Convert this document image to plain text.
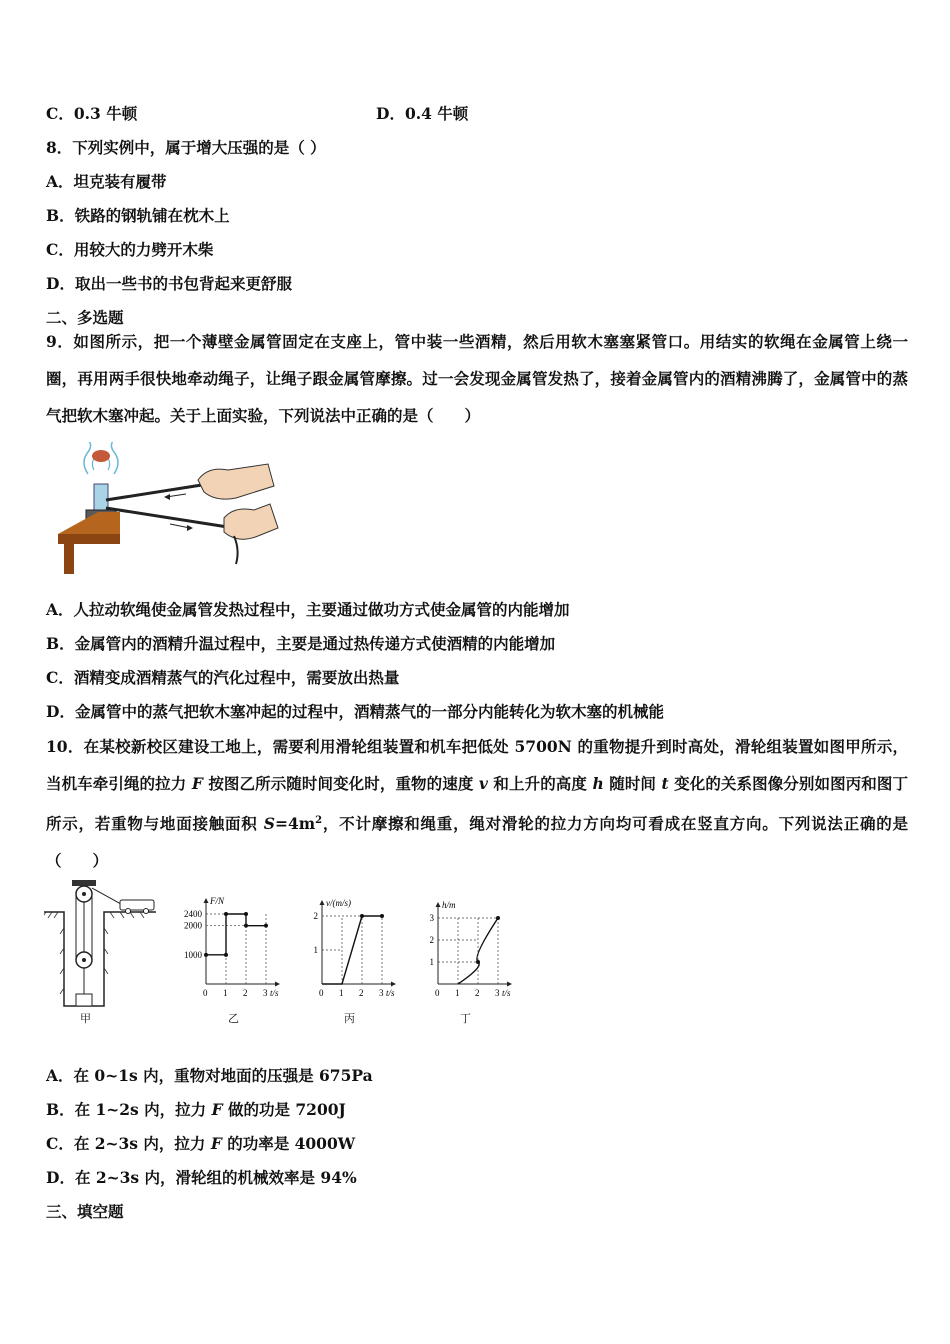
C．0.3 牛顿	D．0.4 牛顿
8．下列实例中，属于增大压强的是（ ）
A．坦克装有履带
B．铁路的钢轨铺在枕木上
C．用较大的力劈开木柴
D．取出一些书的书包背起来更舒服
二、多选题
9．如图所示，把一个薄壁金属管固定在支座上，管中装一些酒精，然后用软木塞塞紧管口。用结实的软绳在金属管上绕一圈，再用两手很快地牵动绳子，让绳子跟金属管摩擦。过一会发现金属管发热了，接着金属管内的酒精沸腾了，金属管中的蒸气把软木塞冲起。关于上面实验，下列说法中正确的是（　　）
A．人拉动软绳使金属管发热过程中，主要通过做功方式使金属管的内能增加
B．金属管内的酒精升温过程中，主要是通过热传递方式使酒精的内能增加
C．酒精变成酒精蒸气的汽化过程中，需要放出热量
D．金属管中的蒸气把软木塞冲起的过程中，酒精蒸气的一部分内能转化为软木塞的机械能
10．在某校新校区建设工地上，需要利用滑轮组装置和机车把低处 5700N 的重物提升到时高处，滑轮组装置如图甲所示，当机车牵引绳的拉力 F 按图乙所示随时间变化时，重物的速度 v 和上升的高度 h 随时间 t 变化的关系图像分别如图丙和图丁所示，若重物与地面接触面积 $S=4m^2$，不计摩擦和绳重，绳对滑轮的拉力方向均可看成在竖直方向。下列说法正确的是（　　）
甲
F/N
t/s
0 1 2 3
1000
2000
2400
乙
v/(m/s)
t/s
0 1 2 3
1
2
丙
h/m
t/s
0 1 2 3
1
2
3
丁
A．在 0~1s 内，重物对地面的压强是 675Pa
B．在 1~2s 内，拉力 F 做的功是 7200J
C．在 2~3s 内，拉力 F 的功率是 4000W
D．在 2~3s 内，滑轮组的机械效率是 94%
三、填空题
